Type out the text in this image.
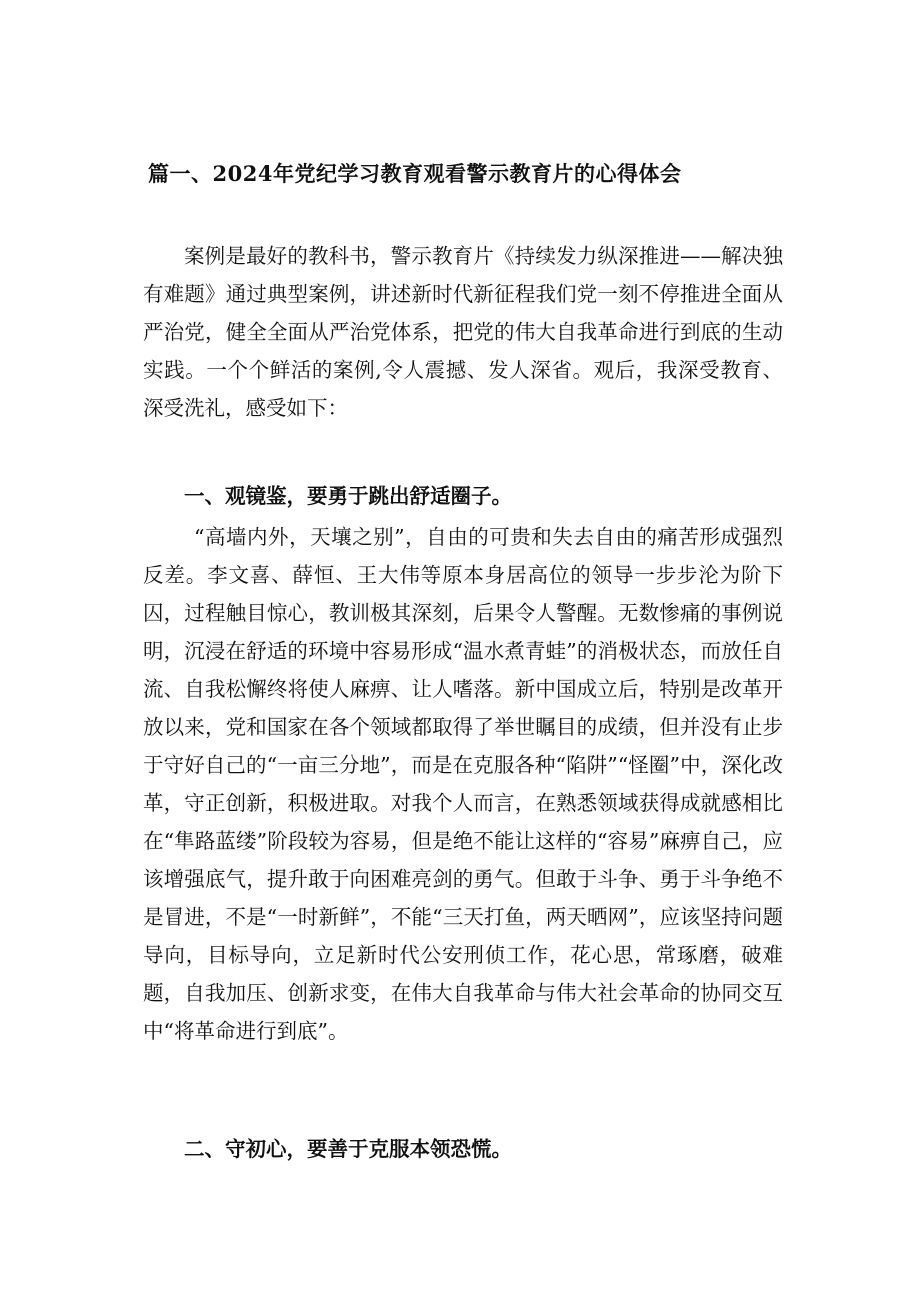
篇一、2024年党纪学习教育观看警示教育片的心得体会

案例是最好的教科书，警示教育片《持续发力纵深推进——解决独有难题》通过典型案例，讲述新时代新征程我们党一刻不停推进全面从严治党，健全全面从严治党体系，把党的伟大自我革命进行到底的生动实践。一个个鲜活的案例,令人震撼、发人深省。观后，我深受教育、深受洗礼，感受如下：

一、观镜鉴，要勇于跳出舒适圈子。

“高墙内外，天壤之别”，自由的可贵和失去自由的痛苦形成强烈反差。李文喜、薛恒、王大伟等原本身居高位的领导一步步沦为阶下囚，过程触目惊心，教训极其深刻，后果令人警醒。无数惨痛的事例说明，沉浸在舒适的环境中容易形成“温水煮青蛙”的消极状态，而放任自流、自我松懈终将使人麻痹、让人嗜落。新中国成立后，特别是改革开放以来，党和国家在各个领域都取得了举世瞩目的成绩，但并没有止步于守好自己的“一亩三分地”，而是在克服各种“陷阱”“怪圈”中，深化改革，守正创新，积极进取。对我个人而言，在熟悉领域获得成就感相比在“隼路蓝缕”阶段较为容易，但是绝不能让这样的“容易”麻痹自己，应该增强底气，提升敢于向困难亮剑的勇气。但敢于斗争、勇于斗争绝不是冒进，不是“一时新鲜”，不能“三天打鱼，两天晒网”，应该坚持问题导向，目标导向，立足新时代公安刑侦工作，花心思，常琢磨，破难题，自我加压、创新求变，在伟大自我革命与伟大社会革命的协同交互中“将革命进行到底”。

二、守初心，要善于克服本领恐慌。
